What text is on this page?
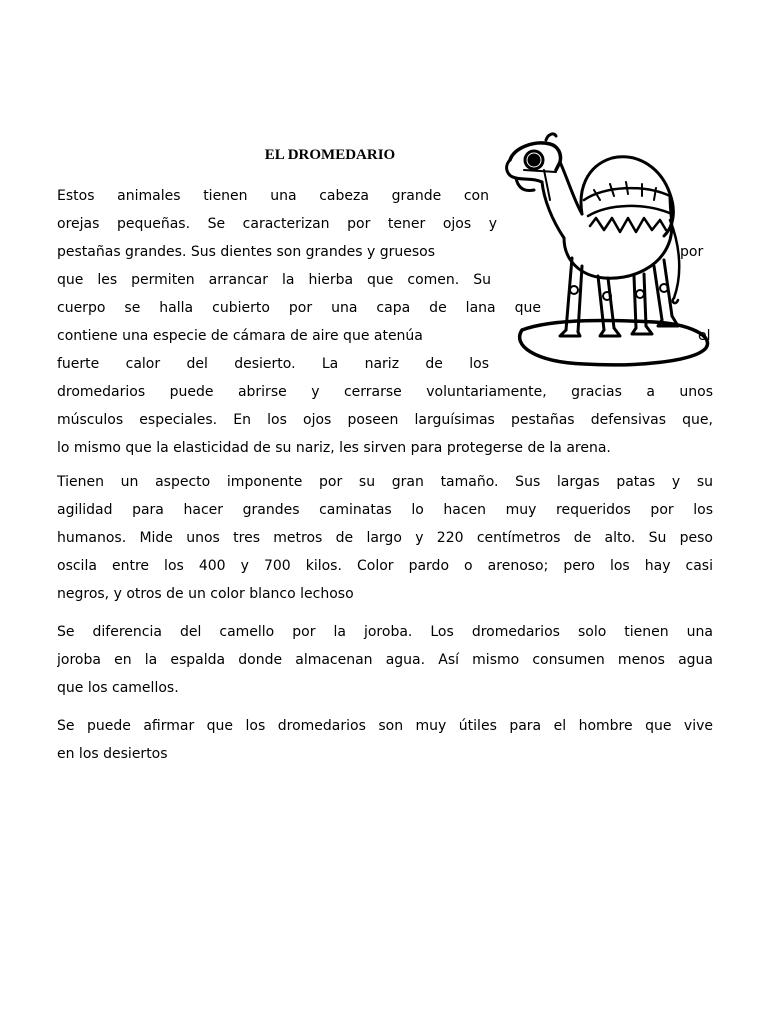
EL DROMEDARIO
Estos animales tienen una cabeza grande con
orejas pequeñas. Se caracterizan por tener ojos y
pestañas grandes. Sus dientes son grandes y gruesos	por
que les permiten arrancar la hierba que comen. Su
cuerpo se halla cubierto por una capa de lana que
contiene una especie de cámara de aire que atenúa	el
fuerte calor del desierto. La nariz de los
dromedarios puede abrirse y cerrarse voluntariamente, gracias a unos
músculos especiales. En los ojos poseen larguísimas pestañas defensivas que,
lo mismo que la elasticidad de su nariz, les sirven para protegerse de la arena.
Tienen un aspecto imponente por su gran tamaño. Sus largas patas y su
agilidad para hacer grandes caminatas lo hacen muy requeridos por los
humanos. Mide unos tres metros de largo y 220 centímetros de alto. Su peso
oscila entre los 400 y 700 kilos. Color pardo o arenoso; pero los hay casi
negros, y otros de un color blanco lechoso
Se diferencia del camello por la joroba. Los dromedarios solo tienen una
joroba en la espalda donde almacenan agua. Así mismo consumen menos agua
que los camellos.
Se puede afirmar que los dromedarios son muy útiles para el hombre que vive
en los desiertos
